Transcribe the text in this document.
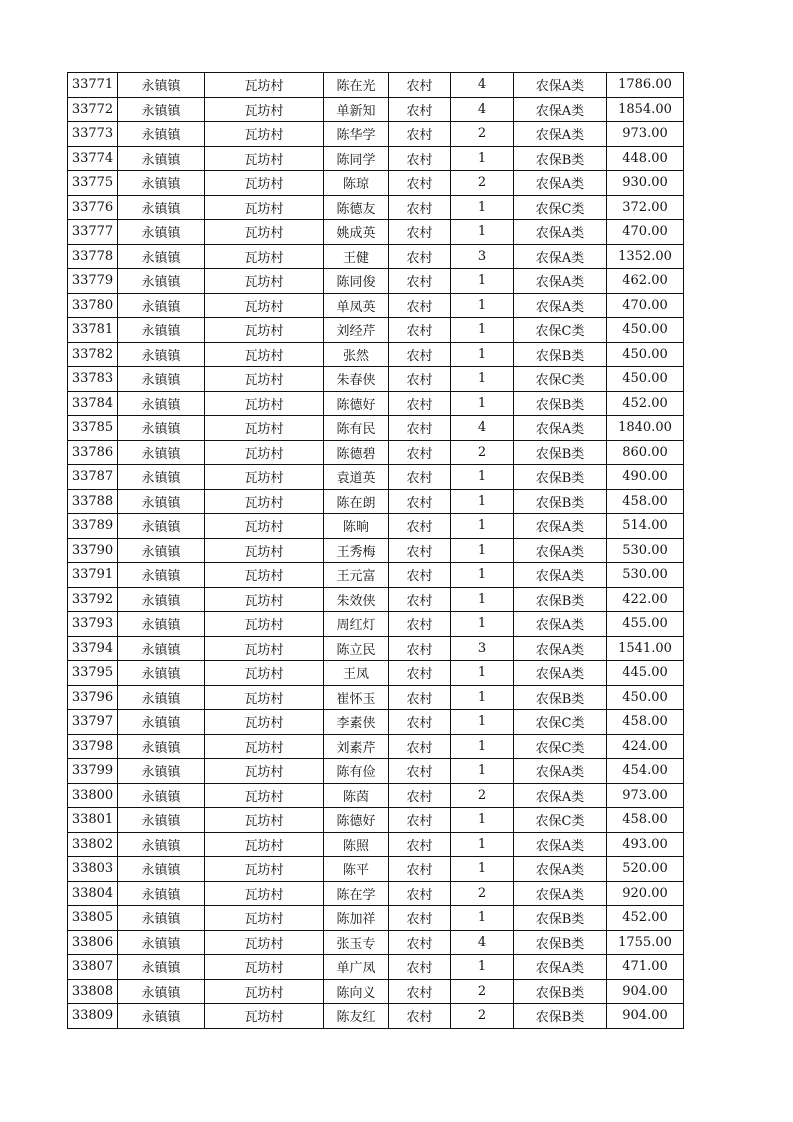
33771	永镇镇	瓦坊村	陈在光	农村	4	农保A类	1786.00
33772	永镇镇	瓦坊村	单新知	农村	4	农保A类	1854.00
33773	永镇镇	瓦坊村	陈华学	农村	2	农保A类	973.00
33774	永镇镇	瓦坊村	陈同学	农村	1	农保B类	448.00
33775	永镇镇	瓦坊村	陈琼	农村	2	农保A类	930.00
33776	永镇镇	瓦坊村	陈德友	农村	1	农保C类	372.00
33777	永镇镇	瓦坊村	姚成英	农村	1	农保A类	470.00
33778	永镇镇	瓦坊村	王健	农村	3	农保A类	1352.00
33779	永镇镇	瓦坊村	陈同俊	农村	1	农保A类	462.00
33780	永镇镇	瓦坊村	单凤英	农村	1	农保A类	470.00
33781	永镇镇	瓦坊村	刘经芹	农村	1	农保C类	450.00
33782	永镇镇	瓦坊村	张然	农村	1	农保B类	450.00
33783	永镇镇	瓦坊村	朱春侠	农村	1	农保C类	450.00
33784	永镇镇	瓦坊村	陈德好	农村	1	农保B类	452.00
33785	永镇镇	瓦坊村	陈有民	农村	4	农保A类	1840.00
33786	永镇镇	瓦坊村	陈德碧	农村	2	农保B类	860.00
33787	永镇镇	瓦坊村	袁道英	农村	1	农保B类	490.00
33788	永镇镇	瓦坊村	陈在朗	农村	1	农保B类	458.00
33789	永镇镇	瓦坊村	陈晌	农村	1	农保A类	514.00
33790	永镇镇	瓦坊村	王秀梅	农村	1	农保A类	530.00
33791	永镇镇	瓦坊村	王元富	农村	1	农保A类	530.00
33792	永镇镇	瓦坊村	朱效侠	农村	1	农保B类	422.00
33793	永镇镇	瓦坊村	周红灯	农村	1	农保A类	455.00
33794	永镇镇	瓦坊村	陈立民	农村	3	农保A类	1541.00
33795	永镇镇	瓦坊村	王凤	农村	1	农保A类	445.00
33796	永镇镇	瓦坊村	崔怀玉	农村	1	农保B类	450.00
33797	永镇镇	瓦坊村	李素侠	农村	1	农保C类	458.00
33798	永镇镇	瓦坊村	刘素芹	农村	1	农保C类	424.00
33799	永镇镇	瓦坊村	陈有俭	农村	1	农保A类	454.00
33800	永镇镇	瓦坊村	陈茵	农村	2	农保A类	973.00
33801	永镇镇	瓦坊村	陈德好	农村	1	农保C类	458.00
33802	永镇镇	瓦坊村	陈照	农村	1	农保A类	493.00
33803	永镇镇	瓦坊村	陈平	农村	1	农保A类	520.00
33804	永镇镇	瓦坊村	陈在学	农村	2	农保A类	920.00
33805	永镇镇	瓦坊村	陈加祥	农村	1	农保B类	452.00
33806	永镇镇	瓦坊村	张玉专	农村	4	农保B类	1755.00
33807	永镇镇	瓦坊村	单广凤	农村	1	农保A类	471.00
33808	永镇镇	瓦坊村	陈向义	农村	2	农保B类	904.00
33809	永镇镇	瓦坊村	陈友红	农村	2	农保B类	904.00
